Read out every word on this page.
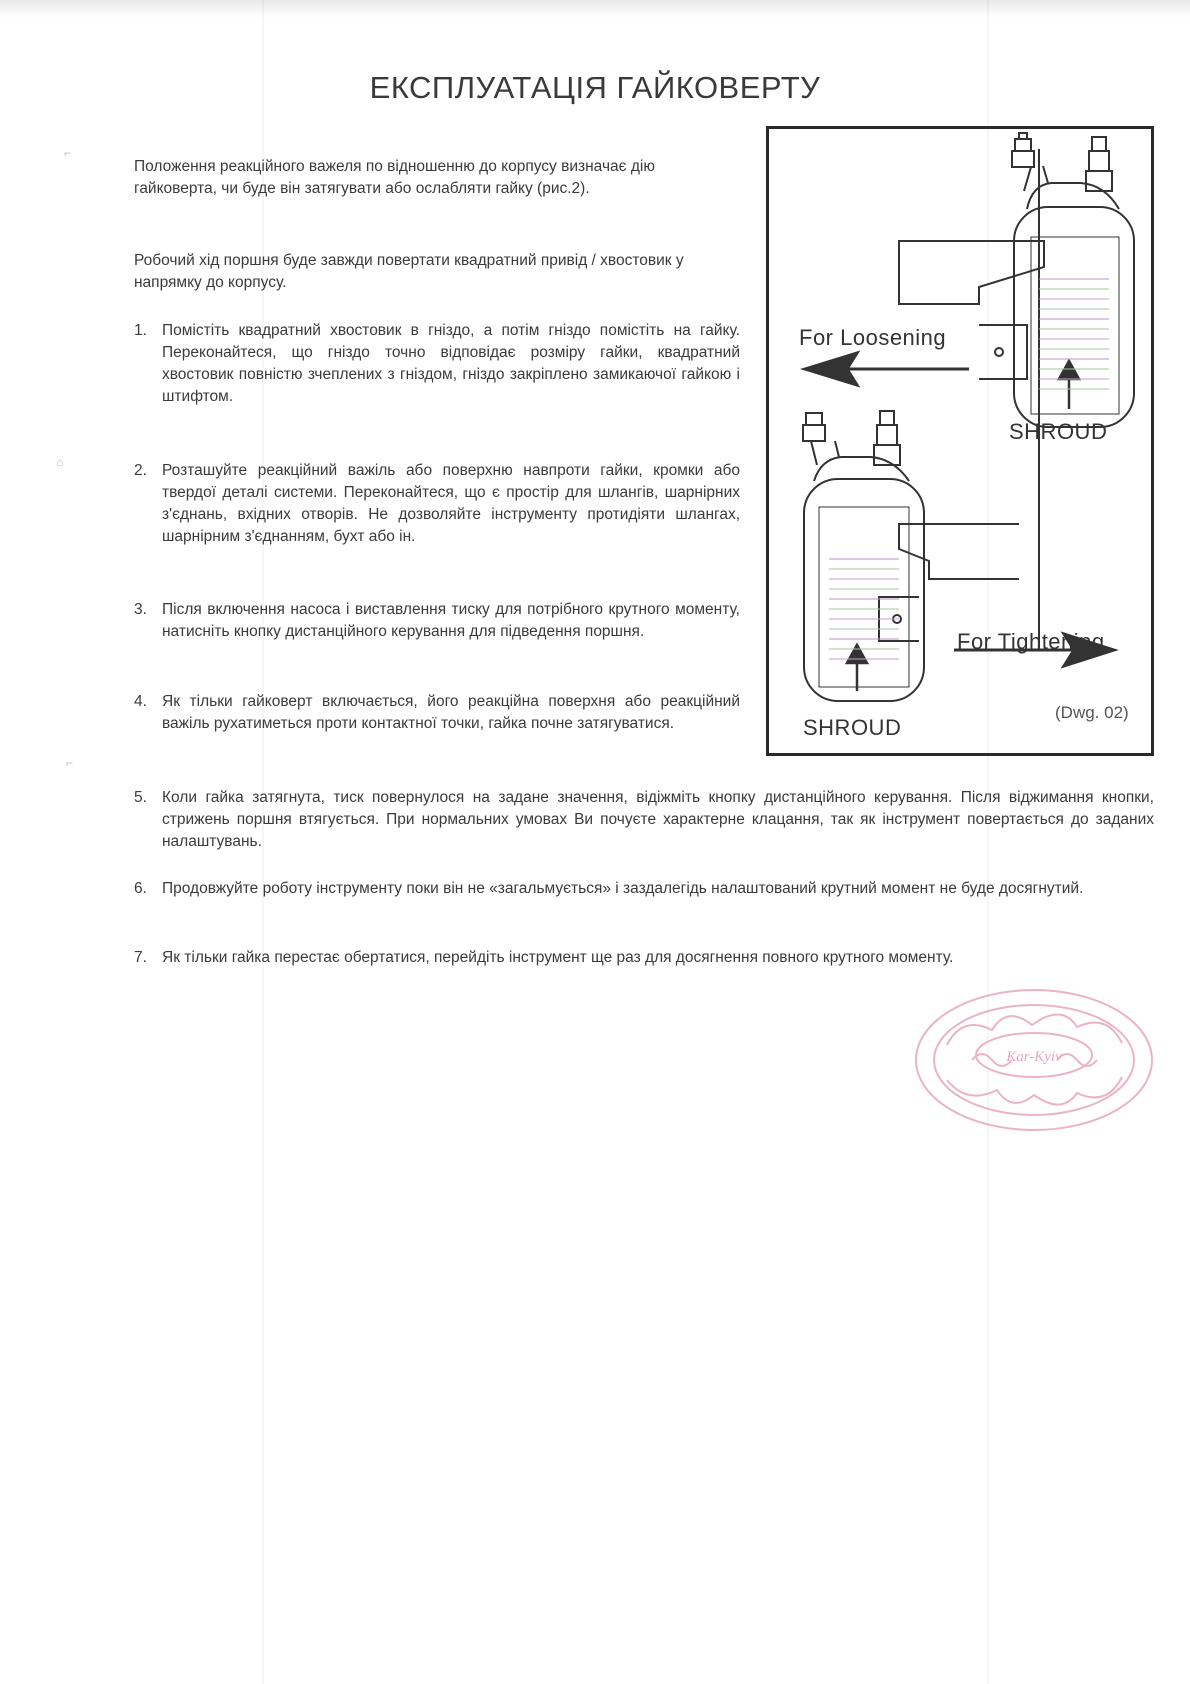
⌐
⌂
⌐
ЕКСПЛУАТАЦІЯ ГАЙКОВЕРТУ

Положення реакційного важеля по відношенню до корпусу визначає дію гайковерта, чи буде він затягувати або ослабляти гайку (рис.2).

Робочий хід поршня буде завжди повертати квадратний привід / хвостовик у напрямку до корпусу.

1. Помістіть квадратний хвостовик в гніздо, а потім гніздо помістіть на гайку. Переконайтеся, що гніздо точно відповідає розміру гайки, квадратний хвостовик повністю зчеплених з гніздом, гніздо закріплено замикаючої гайкою і штифтом.
2. Розташуйте реакційний важіль або поверхню навпроти гайки, кромки або твердої деталі системи. Переконайтеся, що є простір для шлангів, шарнірних з'єднань, вхідних отворів. Не дозволяйте інструменту протидіяти шлангах, шарнірним з'єднанням, бухт або ін.
3. Після включення насоса і виставлення тиску для потрібного крутного моменту, натисніть кнопку дистанційного керування для підведення поршня.
4. Як тільки гайковерт включається, його реакційна поверхня або реакційний важіль рухатиметься проти контактної точки, гайка почне затягуватися.
5. Коли гайка затягнута, тиск повернулося на задане значення, відіжміть кнопку дистанційного керування. Після віджимання кнопки, стрижень поршня втягується. При нормальних умовах Ви почуєте характерне клацання, так як інструмент повертається до заданих налаштувань.
6. Продовжуйте роботу інструменту поки він не «загальмується» і заздалегідь налаштований крутний момент не буде досягнутий.
7. Як тільки гайка перестає обертатися, перейдіть інструмент ще раз для досягнення повного крутного моменту.
For Loosening
SHROUD
For Tightening
SHROUD
(Dwg. 02)
Kar-Kyiv
